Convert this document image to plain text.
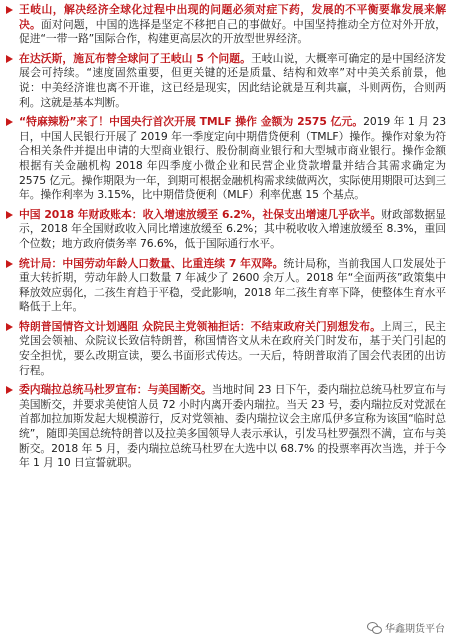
王岐山，解决经济全球化过程中出现的问题必须对症下药，发展的不平衡要靠发展来解决。面对问题，中国的选择是坚定不移把自己的事做好。中国坚持推动全方位对外开放，促进“一带一路”国际合作，构建更高层次的开放型世界经济。
在达沃斯，施瓦布替全球问了王岐山 5 个问题。王岐山说，大概率可确定的是中国经济发展会可持续。“速度固然重要，但更关键的还是质量、结构和效率”对中美关系前景，他说：中美经济谁也离不开谁，这已经是现实，因此结论就是互利共赢，斗则两伤，合则两利。这就是基本判断。
“特麻辣粉”来了！中国央行首次开展 TMLF 操作 金额为 2575 亿元。2019 年 1 月 23 日，中国人民银行开展了 2019 年一季度定向中期借贷便利（TMLF）操作。操作对象为符合相关条件并提出申请的大型商业银行、股份制商业银行和大型城市商业银行。操作金额根据有关金融机构 2018 年四季度小微企业和民营企业贷款增量并结合其需求确定为 2575 亿元。操作期限为一年，到期可根据金融机构需求续做两次，实际使用期限可达到三年。操作利率为 3.15%，比中期借贷便利（MLF）利率优惠 15 个基点。
中国 2018 年财政账本：收入增速放缓至 6.2%，社保支出增速几乎砍半。财政部数据显示，2018 年全国财政收入同比增速放缓至 6.2%；其中税收收入增速放缓至 8.3%，重回个位数；地方政府债务率 76.6%，低于国际通行水平。
统计局：中国劳动年龄人口数量、比重连续 7 年双降。统计局称，当前我国人口发展处于重大转折期，劳动年龄人口数量 7 年减少了 2600 余万人。2018 年“全面两孩”政策集中释放效应弱化，二孩生育趋于平稳，受此影响，2018 年二孩生育率下降，使整体生育水平略低于上年。
特朗普国情咨文计划遇阻 众院民主党领袖拒话：不结束政府关门别想发布。上周三，民主党国会领袖、众院议长致信特朗普，称国情咨文从未在政府关门时发布，基于关门引起的安全担忧，要么改期宣读，要么书面形式传达。一天后，特朗普取消了国会代表团的出访行程。
委内瑞拉总统马杜罗宣布：与美国断交。当地时间 23 日下午，委内瑞拉总统马杜罗宣布与美国断交，并要求美使馆人员 72 小时内离开委内瑞拉。当天 23 号，委内瑞拉反对党派在首都加拉加斯发起大规模游行，反对党领袖、委内瑞拉议会主席瓜伊多宣称为该国“临时总统”，随即美国总统特朗普以及拉美多国领导人表示承认，引发马杜罗强烈不满，宣布与美断交。2018 年 5 月，委内瑞拉总统马杜罗在大选中以 68.7% 的投票率再次当选，并于今年 1 月 10 日宣誓就职。
华鑫期货平台
